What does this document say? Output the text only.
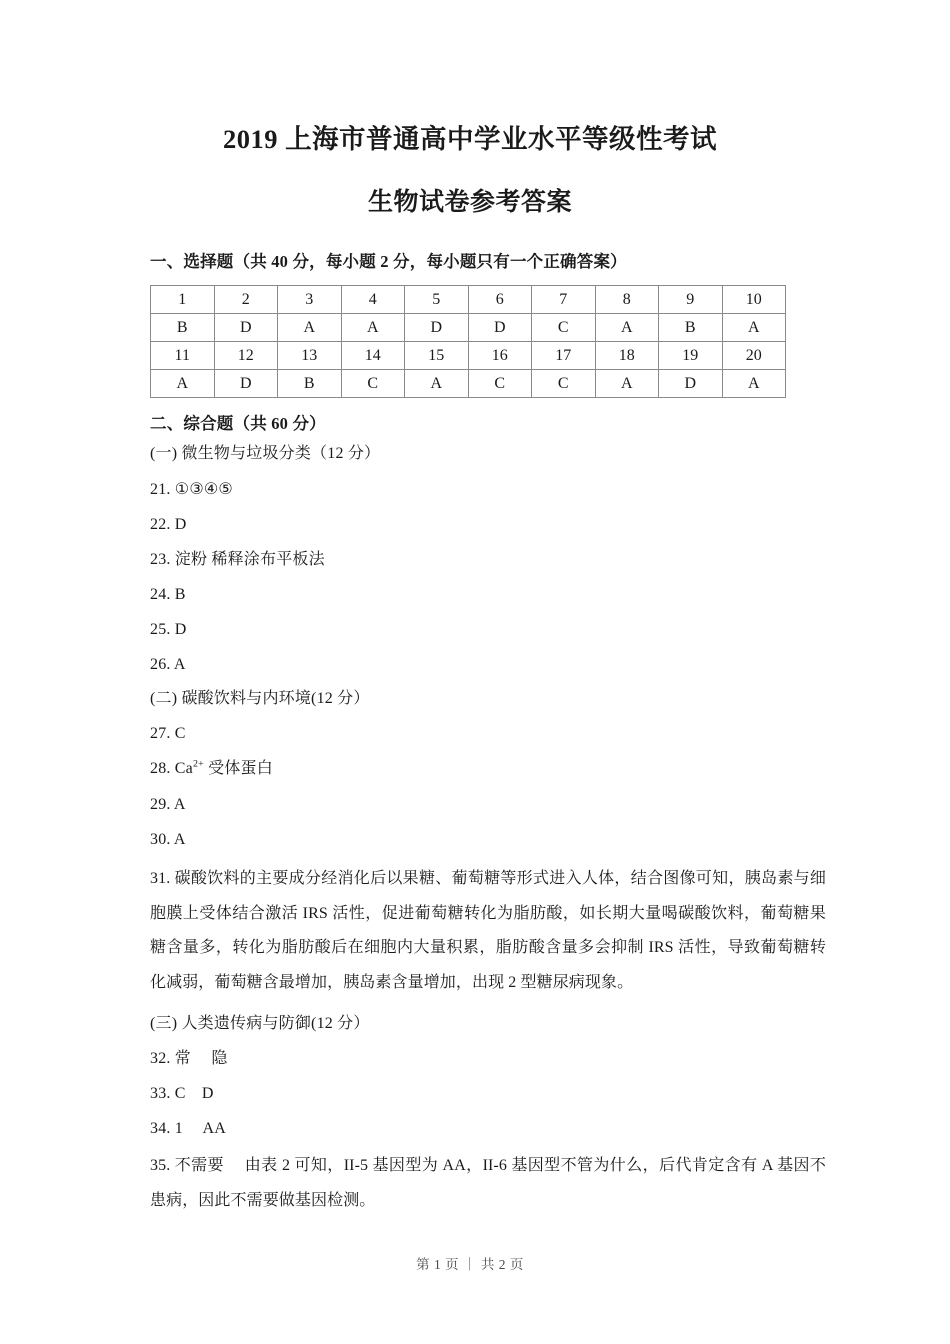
2019 上海市普通高中学业水平等级性考试
生物试卷参考答案
一、选择题（共 40 分，每小题 2 分，每小题只有一个正确答案）
1	2	3	4	5	6	7	8	9	10
B	D	A	A	D	D	C	A	B	A
11	12	13	14	15	16	17	18	19	20
A	D	B	C	A	C	C	A	D	A
二、综合题（共 60 分）
(一) 微生物与垃圾分类（12 分）
21. ①③④⑤
22. D
23. 淀粉 稀释涂布平板法
24. B
25. D
26. A
(二) 碳酸饮料与内环境(12 分）
27. C
28. $Ca^{2+}$ 受体蛋白
29. A
30. A
31. 碳酸饮料的主要成分经消化后以果糖、葡萄糖等形式进入人体，结合图像可知，胰岛素与细胞膜上受体结合激活 IRS 活性，促进葡萄糖转化为脂肪酸，如长期大量喝碳酸饮料，葡萄糖果糖含量多，转化为脂肪酸后在细胞内大量积累，脂肪酸含量多会抑制 IRS 活性，导致葡萄糖转化减弱，葡萄糖含最增加，胰岛素含量增加，出现 2 型糖尿病现象。
(三) 人类遗传病与防御(12 分）
32. 常　 隐
33. C　D
34. 1　 AA
35. 不需要　 由表 2 可知，II-5 基因型为 AA，II-6 基因型不管为什么，后代肯定含有 A 基因不患病，因此不需要做基因检测。
第 1 页 ｜ 共 2 页
